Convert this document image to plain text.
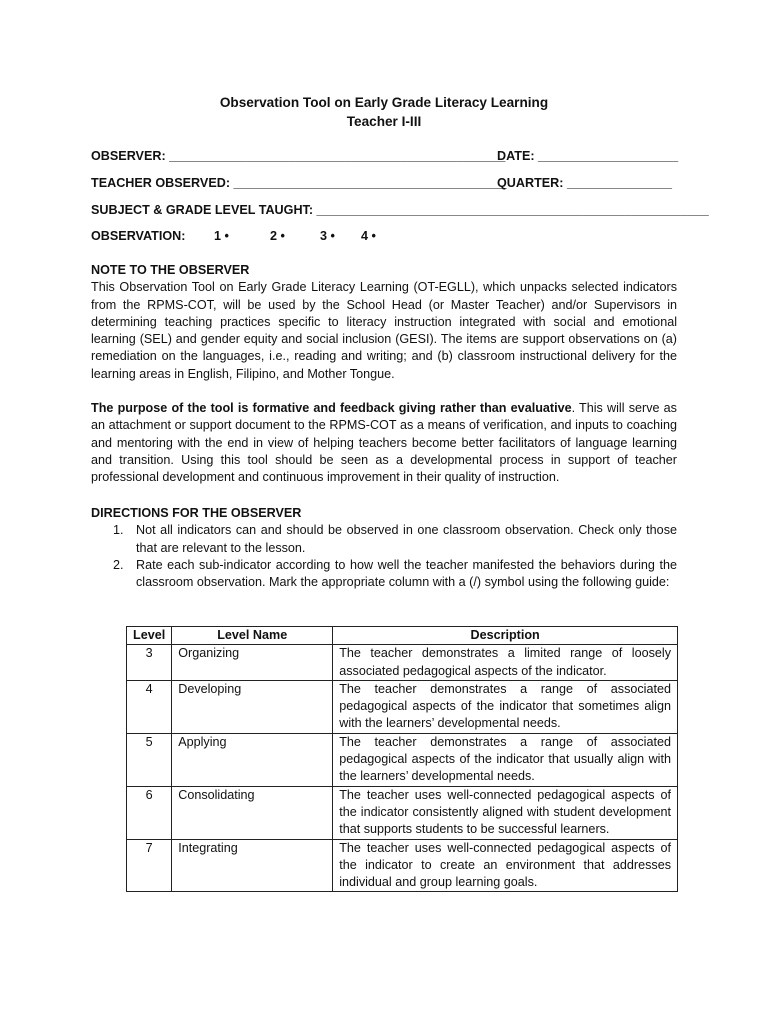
Observation Tool on Early Grade Literacy Learning
Teacher I-III
OBSERVER: ________________________________________________
DATE: ____________________
TEACHER OBSERVED: _______________________________________
QUARTER: _______________
SUBJECT & GRADE LEVEL TAUGHT: ________________________________________________________
OBSERVATION: 1 •	2 •	3 • 4 •
NOTE TO THE OBSERVER

This Observation Tool on Early Grade Literacy Learning (OT-EGLL), which unpacks selected indicators from the RPMS-COT, will be used by the School Head (or Master Teacher) and/or Supervisors in determining teaching practices specific to literacy instruction integrated with social and emotional learning (SEL) and gender equity and social inclusion (GESI). The items are support observations on (a) remediation on the languages, i.e., reading and writing; and (b) classroom instructional delivery for the learning areas in English, Filipino, and Mother Tongue.

The purpose of the tool is formative and feedback giving rather than evaluative. This will serve as an attachment or support document to the RPMS-COT as a means of verification, and inputs to coaching and mentoring with the end in view of helping teachers become better facilitators of language learning and transition. Using this tool should be seen as a developmental process in support of teacher professional development and continuous improvement in their quality of instruction.

DIRECTIONS FOR THE OBSERVER
1. Not all indicators can and should be observed in one classroom observation. Check only those that are relevant to the lesson.
2. Rate each sub-indicator according to how well the teacher manifested the behaviors during the classroom observation. Mark the appropriate column with a (/) symbol using the following guide:
Level	Level Name	Description
3	Organizing	The teacher demonstrates a limited range of loosely associated pedagogical aspects of the indicator.
4	Developing	The teacher demonstrates a range of associated pedagogical aspects of the indicator that sometimes align with the learners’ developmental needs.
5	Applying	The teacher demonstrates a range of associated pedagogical aspects of the indicator that usually align with the learners’ developmental needs.
6	Consolidating	The teacher uses well-connected pedagogical aspects of the indicator consistently aligned with student development that supports students to be successful learners.
7	Integrating	The teacher uses well-connected pedagogical aspects of the indicator to create an environment that addresses individual and group learning goals.
